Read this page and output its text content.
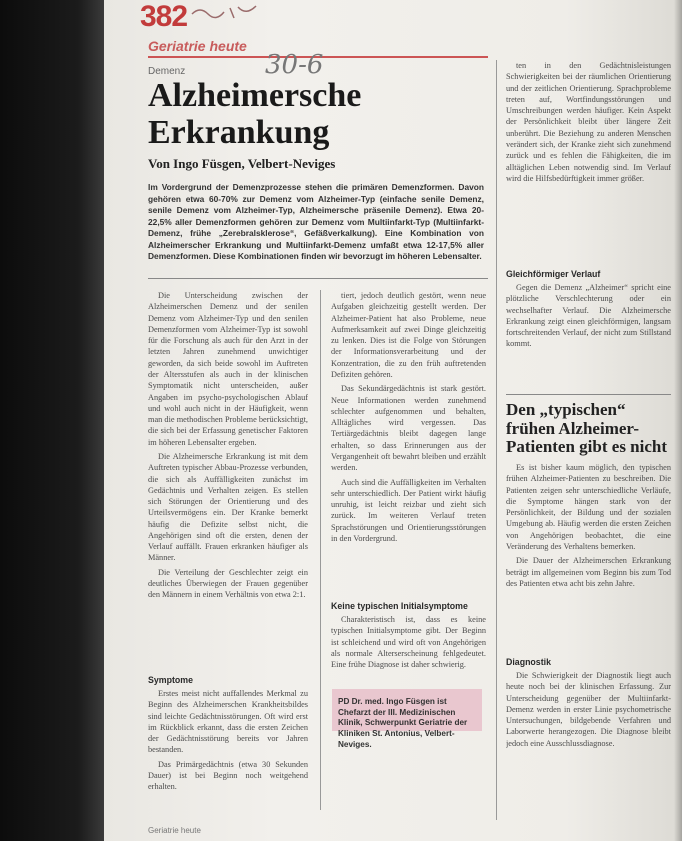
382
Geriatrie heute
Demenz	30-6
Alzheimersche Erkrankung
Von Ingo Füsgen, Velbert-Neviges
Im Vordergrund der Demenzprozesse stehen die primären Demenzformen. Davon gehören etwa 60-70% zur Demenz vom Alzheimer-Typ (einfache senile Demenz, senile Demenz vom Alzheimer-Typ, Alzheimersche präsenile Demenz). Etwa 20-22,5% aller Demenzformen gehören zur Demenz vom Multiinfarkt-Typ (Multiinfarkt-Demenz, frühe „Zerebralsklerose“, Gefäßverkalkung). Eine Kombination von Alzheimerscher Erkrankung und Multiinfarkt-Demenz umfaßt etwa 12-17,5% aller Demenzformen. Diese Kombinationen finden wir bevorzugt im höheren Lebensalter.

Die Unterscheidung zwischen der Alzheimerschen Demenz und der senilen Demenz vom Alzheimer-Typ und den senilen Demenzformen vom Alzheimer-Typ ist sowohl für die Forschung als auch für den Arzt in der letzten Jahren zunehmend unwichtiger geworden, da sich beide sowohl im Auftreten der Altersstufen als auch in der klinischen Symptomatik nicht unterscheiden, außer Angaben im psycho-psychologischen Ablauf und wohl auch nicht in der Häufigkeit, wenn man die methodischen Probleme berücksichtigt, die sich bei der Erfassung genetischer Faktoren im höheren Lebensalter ergeben.

Die Alzheimersche Erkrankung ist mit dem Auftreten typischer Abbau-Prozesse verbunden, die sich als Auffälligkeiten zunächst im Gedächtnis und Verhalten zeigen. Es stellen sich Störungen der Orientierung und des Urteilsvermögens ein. Der Kranke bemerkt häufig die Defizite selbst nicht, die Angehörigen sind oft die ersten, denen der Verlauf auffällt. Frauen erkranken häufiger als Männer.

Die Verteilung der Geschlechter zeigt ein deutliches Überwiegen der Frauen gegenüber den Männern in einem Verhältnis von etwa 2:1.

Symptome

Erstes meist nicht auffallendes Merkmal zu Beginn des Alzheimerschen Krankheitsbildes sind leichte Gedächtnisstörungen. Oft wird erst im Rückblick erkannt, dass die ersten Zeichen der Gedächtnisstörung bereits vor Jahren bestanden.

Das Primärgedächtnis (etwa 30 Sekunden Dauer) ist bei Beginn noch weitgehend erhalten.

tiert, jedoch deutlich gestört, wenn neue Aufgaben gleichzeitig gestellt werden. Der Alzheimer-Patient hat also Probleme, neue Aufmerksamkeit auf zwei Dinge gleichzeitig zu lenken. Dies ist die Folge von Störungen der Informationsverarbeitung und der Konzentration, die zu den früh auftretenden Defiziten gehören.

Das Sekundärgedächtnis ist stark gestört. Neue Informationen werden zunehmend schlechter aufgenommen und behalten, Alltägliches wird vergessen. Das Tertiärgedächtnis bleibt dagegen lange erhalten, so dass Erinnerungen aus der Vergangenheit oft bewahrt bleiben und erzählt werden.

Auch sind die Auffälligkeiten im Verhalten sehr unterschiedlich. Der Patient wirkt häufig unruhig, ist leicht reizbar und zieht sich zurück. Im weiteren Verlauf treten Sprachstörungen und Orientierungsstörungen in den Vordergrund.

Keine typischen Initialsymptome

Charakteristisch ist, dass es keine typischen Initialsymptome gibt. Der Beginn ist schleichend und wird oft von Angehörigen als normale Alterserscheinung fehlgedeutet. Eine frühe Diagnose ist daher schwierig.

PD Dr. med. Ingo Füsgen ist Chefarzt der III. Medizinischen Klinik, Schwerpunkt Geriatrie der Kliniken St. Antonius, Velbert-Neviges.

ten in den Gedächtnisleistungen Schwierigkeiten bei der räumlichen Orientierung und der zeitlichen Orientierung. Sprachprobleme treten auf, Wortfindungsstörungen und Umschreibungen werden häufiger. Kein Aspekt der Persönlichkeit bleibt über längere Zeit unberührt. Die Beziehung zu anderen Menschen verändert sich, der Kranke zieht sich zunehmend zurück und es fehlen die Fähigkeiten, die im alltäglichen Leben notwendig sind. Im Verlauf wird die Hilfsbedürftigkeit immer größer.

Gleichförmiger Verlauf

Gegen die Demenz „Alzheimer“ spricht eine plötzliche Verschlechterung oder ein wechselhafter Verlauf. Die Alzheimersche Erkrankung zeigt einen gleichförmigen, langsam fortschreitenden Verlauf, der nicht zum Stillstand kommt.

Den „typischen“ frühen Alzheimer-Patienten gibt es nicht

Es ist bisher kaum möglich, den typischen frühen Alzheimer-Patienten zu beschreiben. Die Patienten zeigen sehr unterschiedliche Verläufe, die Symptome hängen stark von der Persönlichkeit, der Bildung und der sozialen Umgebung ab. Häufig werden die ersten Zeichen von Angehörigen beobachtet, die eine Veränderung des Verhaltens bemerken.

Die Dauer der Alzheimerschen Erkrankung beträgt im allgemeinen vom Beginn bis zum Tod des Patienten etwa acht bis zehn Jahre.

Diagnostik

Die Schwierigkeit der Diagnostik liegt auch heute noch bei der klinischen Erfassung. Zur Unterscheidung gegenüber der Multiinfarkt-Demenz werden in erster Linie psychometrische Untersuchungen, bildgebende Verfahren und Laborwerte herangezogen. Die Diagnose bleibt jedoch eine Ausschlussdiagnose.

Geriatrie heute
